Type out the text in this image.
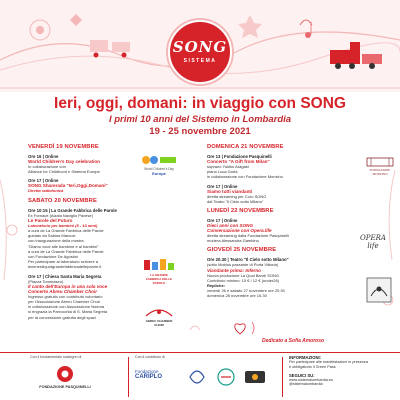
SONG
SISTEMA
Ieri, oggi, domani: in viaggio con SONG
I primi 10 anni del Sistemo in Lombardia
19 - 25 novembre 2021
VENERDÌ 19 NOVEMBRE
Ore 16 | Online
World Children's Day celebration
In collaborazione con
Alliance for Childhood e Sistema Europe
Ore 17 | Online
SONG Sharerada "Ieri,Oggi,Domani"
Diretta radiofonica
SABATO 20 NOVEMBRE
Ore 10:15 | La Grande Fabbrica delle Parole
Ex Fornace (Alzaia Naviglio Pavese)
Le Parole del Futuro
Laboratorio per bambini (8 - 10 anni)
a cura de La Grande Fabbrica delle Parole
guidato da Sabina Marcuzi
con inaugurazione della mostra
"Diamo voce alle bambine e ai bambini"
a cura de La Grande Fabbrica delle Parole
con Fondazione De Agostini
Per partecipare al laboratorio scrivere a
lecenerdiquotgrandefabbricadelleparole.it
Ore 17 | Chiesa Santa Maria Segreta
(Piazza Tommaseo)
Il canto dell'Europa in una sola voce
Concerto Abreu Chamber Choir
Ingresso gratuito con contributo volontario
per l'Associazione Abreu Chamber Choir
in collaborazione con Associazione Noema
si ringrazia la Parrocchia di S. Maria Segreta
per la concessione gratuita degli spazi
World Children's Day
Europe
LA GRANDE FABBRICA DELLE PAROLE
ABREU CHAMBER CHOIR
DOMENICA 21 NOVEMBRE
Ore 13 | Fondazione Pasquinelli
Concerto "A Gift from Milan"
soprano Yukiko Aragaki
piano Luca Gorla
in collaborazione con Fondazione Monzino
Ore 17 | Online
Siamo tutti viandanti
diretta streaming per Coro SONG
dal Teatro "Il Cielo sotto Milano"
LUNEDÌ 22 NOVEMBRE
Ore 17 | Online
Dieci anni con SONG
Conversazione con Opera.life
diretta streaming dalla Fondazione Pasquinelli
modera Alessandra Gambino
GIOVEDÌ 25 NOVEMBRE
Ore 20.30 | Teatro "Il Cielo sotto Milano"
(sotto Mobius passante di Porta Vittoria)
Viandante prima: Inferno
Nuova produzione La Quai Band/ SONG
Contributo minimo: 15 € / 12 € (under26)
Repliche:
venerdì 26 e sabato 27 novembre ore 20.30
domenica 28 novembre ore 16.30
FONDAZIONE MONZINO
OPERA life
Dedicato a Sofia Amoroso
Con il fondamentale sostegno di
FONDAZIONE PASQUINELLI
Con il contributo di
Fondazione
CARIPLO
INFORMAZIONI:
Per partecipare alle manifestazioni in presenza
è obbligatorio il Green Pass
SEGUICI SU:
www.sistemalombardia.eu
@sistemalombardia
